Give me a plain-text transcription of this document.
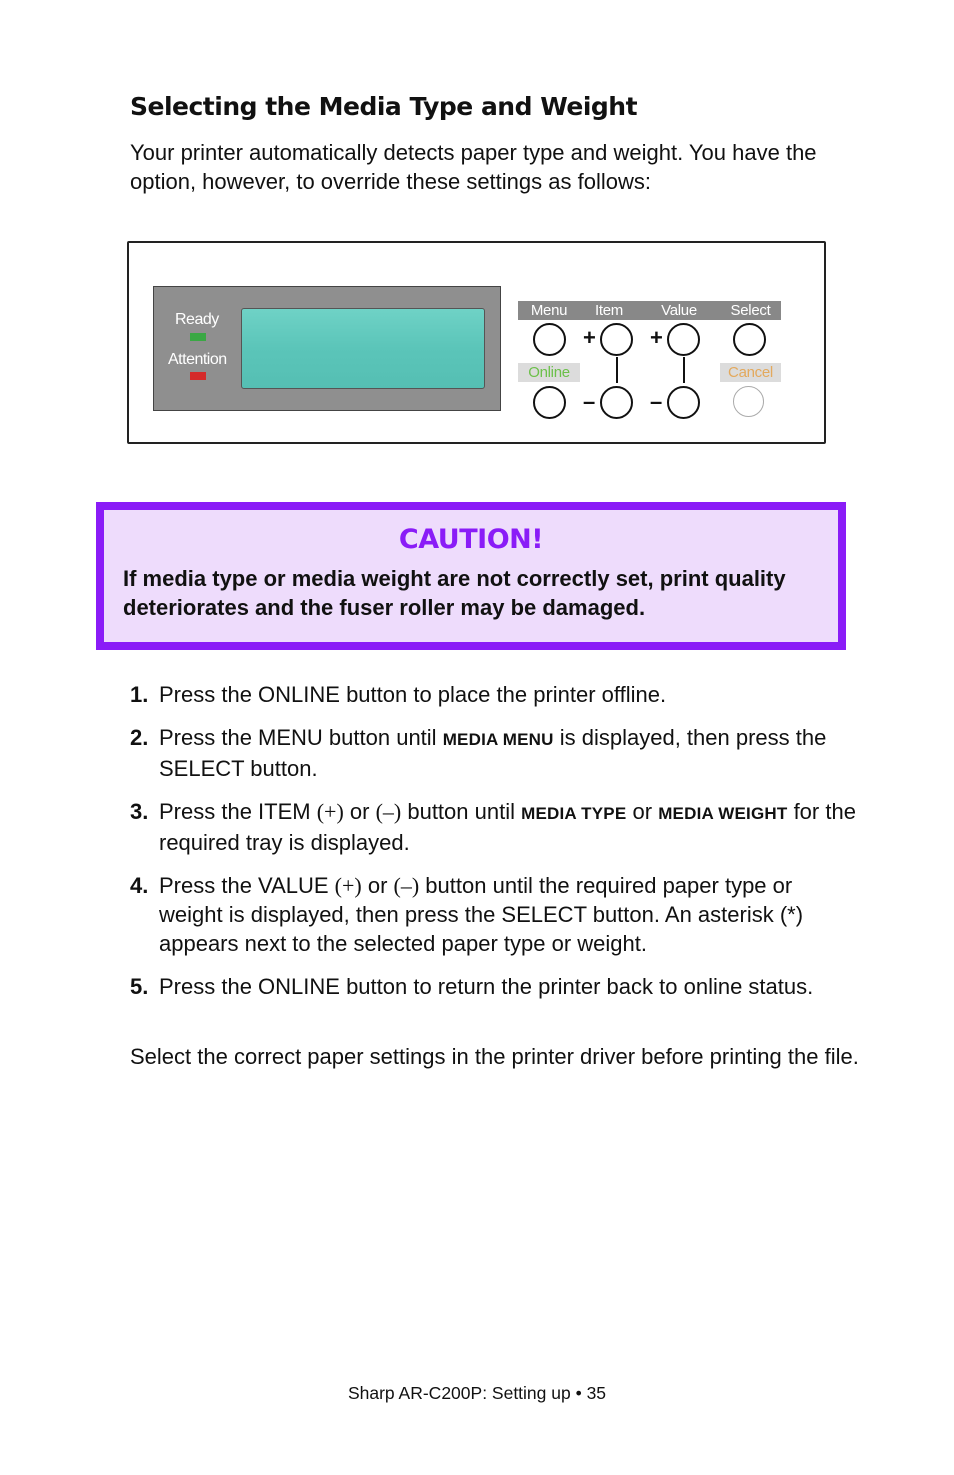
Selecting the Media Type and Weight

Your printer automatically detects paper type and weight. You have the option, however, to override these settings as follows:

Ready
Attention
Menu	Item	Value	Select
+ +
Online	Cancel
– –
CAUTION!

If media type or media weight are not correctly set, print quality deteriorates and the fuser roller may be damaged.

1. Press the ONLINE button to place the printer offline.
2. Press the MENU button until MEDIA MENU is displayed, then press the SELECT button.
3. Press the ITEM (+) or (–) button until MEDIA TYPE or MEDIA WEIGHT for the required tray is displayed.
4. Press the VALUE (+) or (–) button until the required paper type or weight is displayed, then press the SELECT button. An asterisk (*) appears next to the selected paper type or weight.
5. Press the ONLINE button to return the printer back to online status.

Select the correct paper settings in the printer driver before printing the file.

Sharp AR-C200P: Setting up • 35
